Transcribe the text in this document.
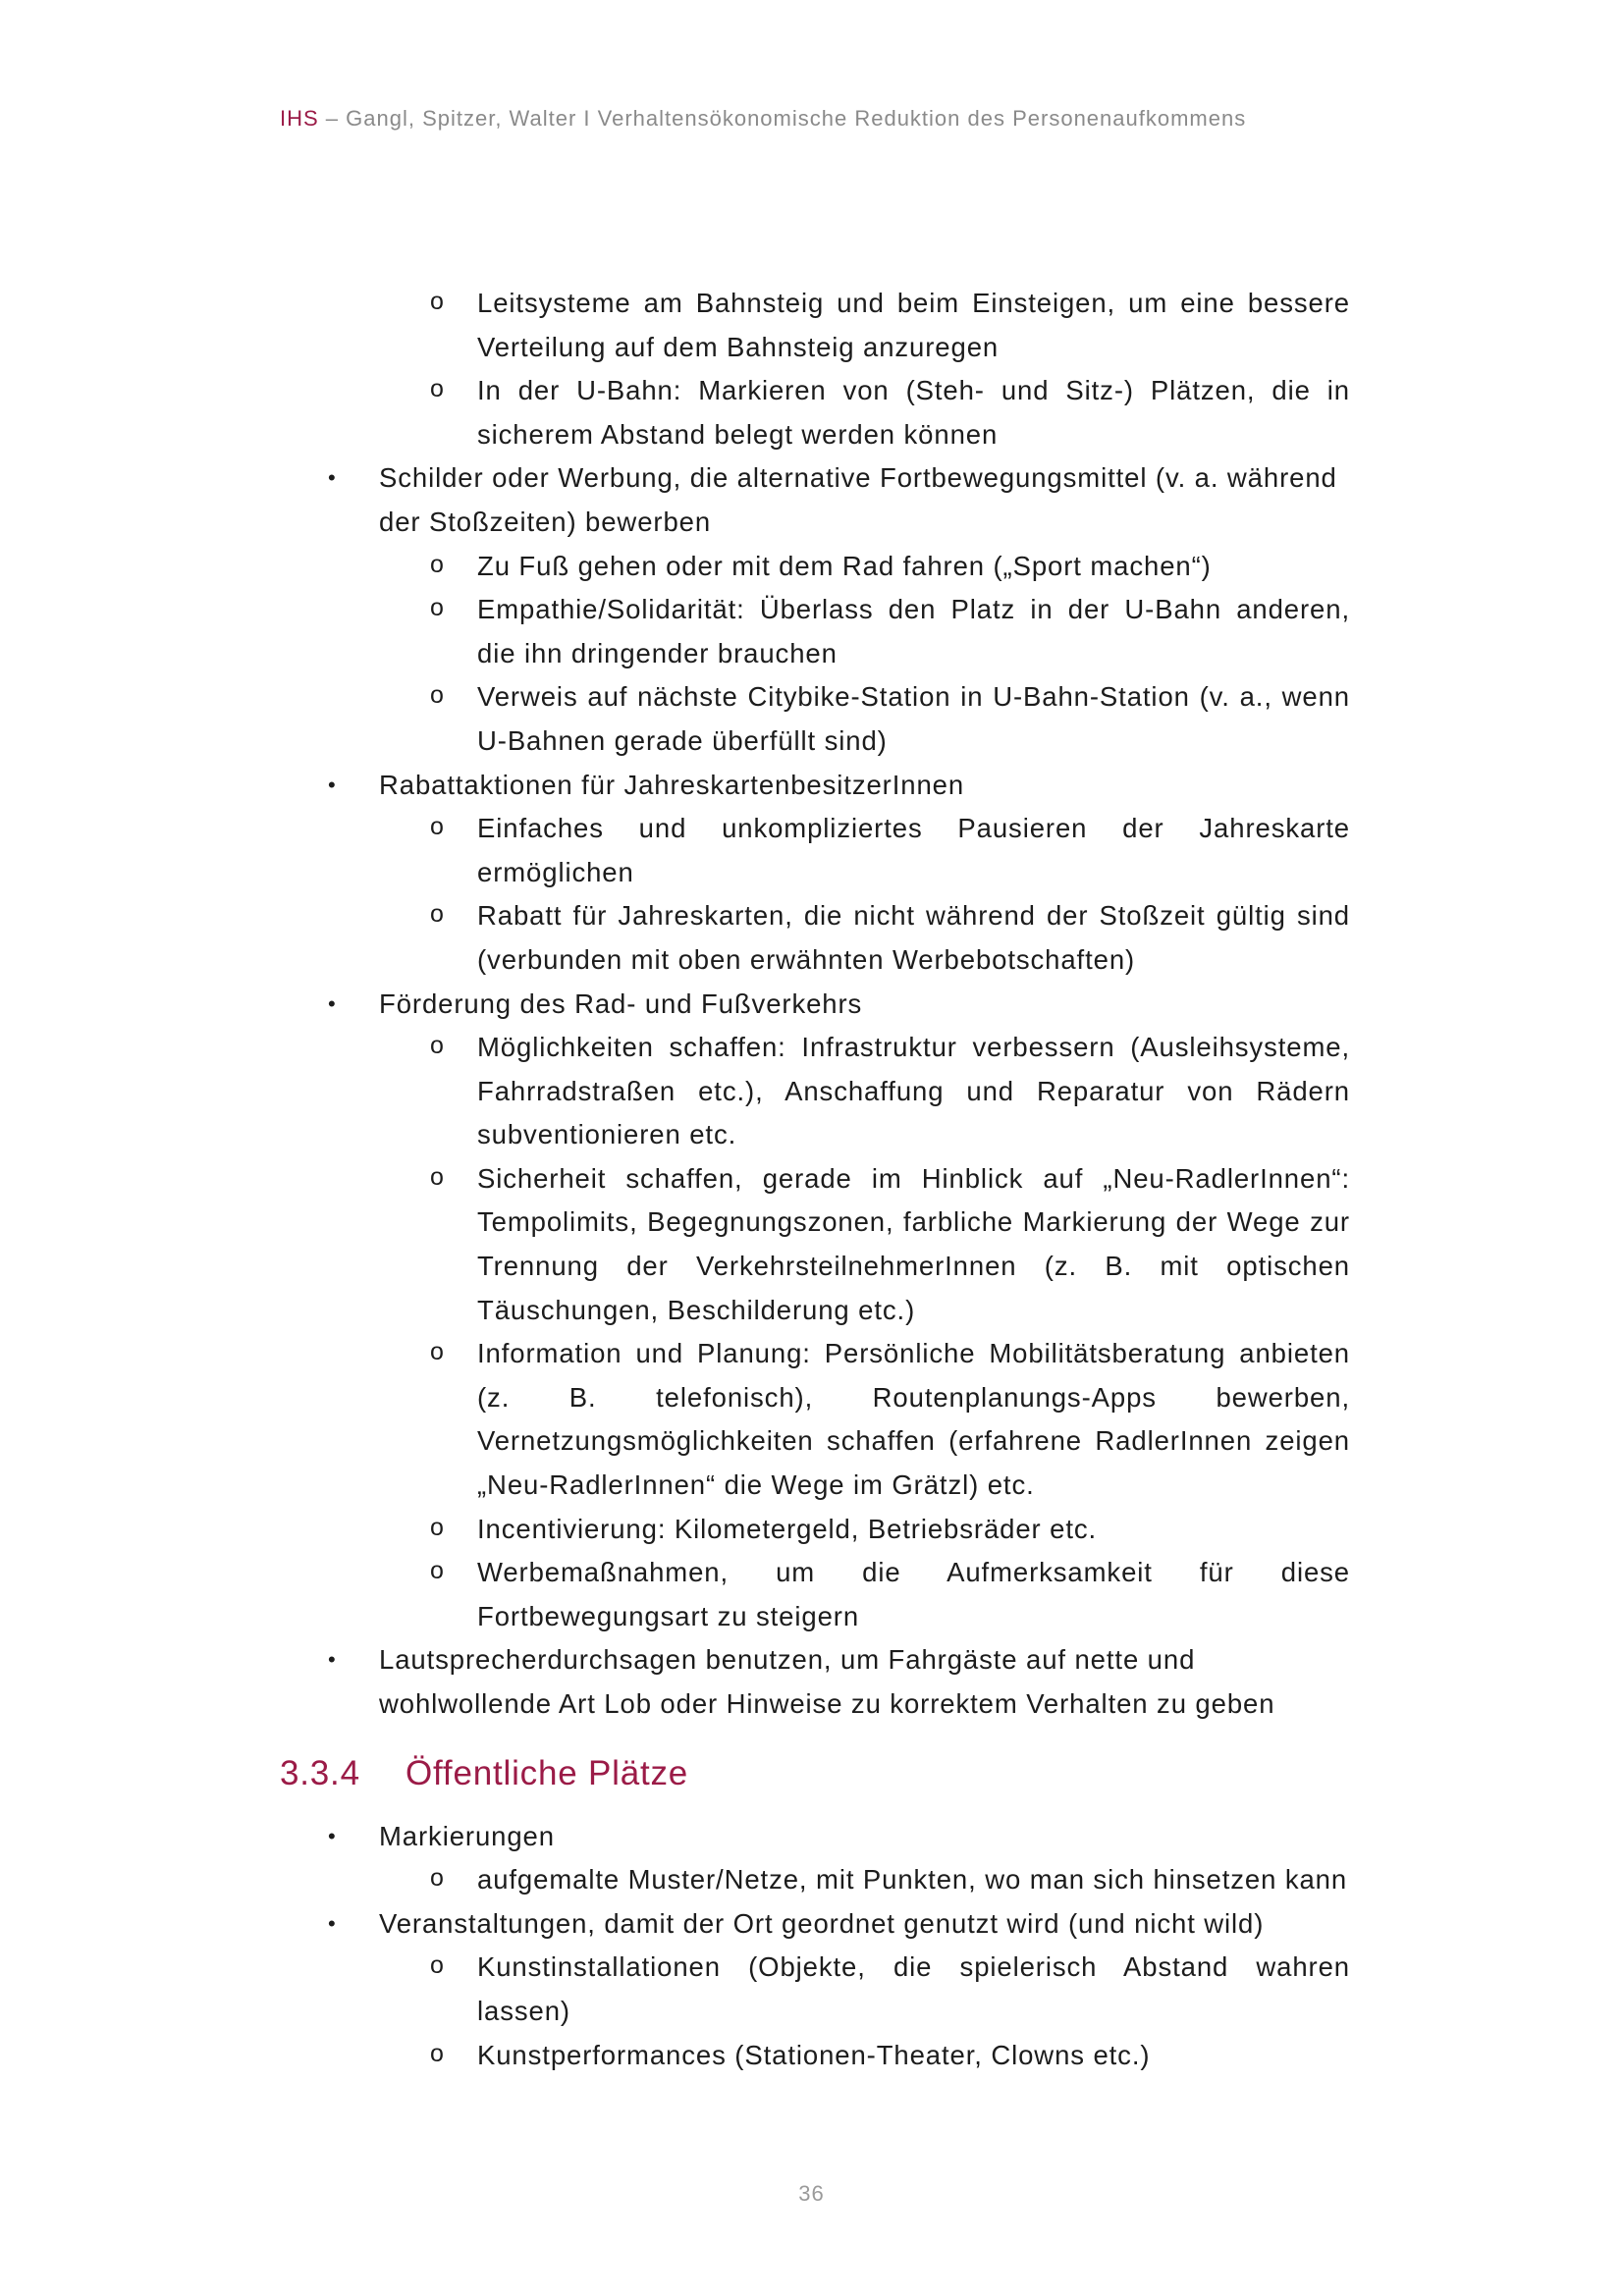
IHS – Gangl, Spitzer, Walter I Verhaltensökonomische Reduktion des Personenaufkommens
o Leitsysteme am Bahnsteig und beim Einsteigen, um eine bessere Verteilung auf dem Bahnsteig anzuregen
o In der U-Bahn: Markieren von (Steh- und Sitz-) Plätzen, die in sicherem Abstand belegt werden können
• Schilder oder Werbung, die alternative Fortbewegungsmittel (v. a. während der Stoßzeiten) bewerben
o Zu Fuß gehen oder mit dem Rad fahren („Sport machen“)
o Empathie/Solidarität: Überlass den Platz in der U-Bahn anderen, die ihn dringender brauchen
o Verweis auf nächste Citybike-Station in U-Bahn-Station (v. a., wenn U-Bahnen gerade überfüllt sind)
• Rabattaktionen für JahreskartenbesitzerInnen
o Einfaches und unkompliziertes Pausieren der Jahreskarte ermöglichen
o Rabatt für Jahreskarten, die nicht während der Stoßzeit gültig sind (verbunden mit oben erwähnten Werbebotschaften)
• Förderung des Rad- und Fußverkehrs
o Möglichkeiten schaffen: Infrastruktur verbessern (Ausleihsysteme, Fahrradstraßen etc.), Anschaffung und Reparatur von Rädern subventionieren etc.
o Sicherheit schaffen, gerade im Hinblick auf „Neu-RadlerInnen“: Tempolimits, Begegnungszonen, farbliche Markierung der Wege zur Trennung der VerkehrsteilnehmerInnen (z. B. mit optischen Täuschungen, Beschilderung etc.)
o Information und Planung: Persönliche Mobilitätsberatung anbieten (z. B. telefonisch), Routenplanungs-Apps bewerben, Vernetzungsmöglichkeiten schaffen (erfahrene RadlerInnen zeigen „Neu-RadlerInnen“ die Wege im Grätzl) etc.
o Incentivierung: Kilometergeld, Betriebsräder etc.
o Werbemaßnahmen, um die Aufmerksamkeit für diese Fortbewegungsart zu steigern
• Lautsprecherdurchsagen benutzen, um Fahrgäste auf nette und wohlwollende Art Lob oder Hinweise zu korrektem Verhalten zu geben
3.3.4 Öffentliche Plätze
• Markierungen
o aufgemalte Muster/Netze, mit Punkten, wo man sich hinsetzen kann
• Veranstaltungen, damit der Ort geordnet genutzt wird (und nicht wild)
o Kunstinstallationen (Objekte, die spielerisch Abstand wahren lassen)
o Kunstperformances (Stationen-Theater, Clowns etc.)
36
